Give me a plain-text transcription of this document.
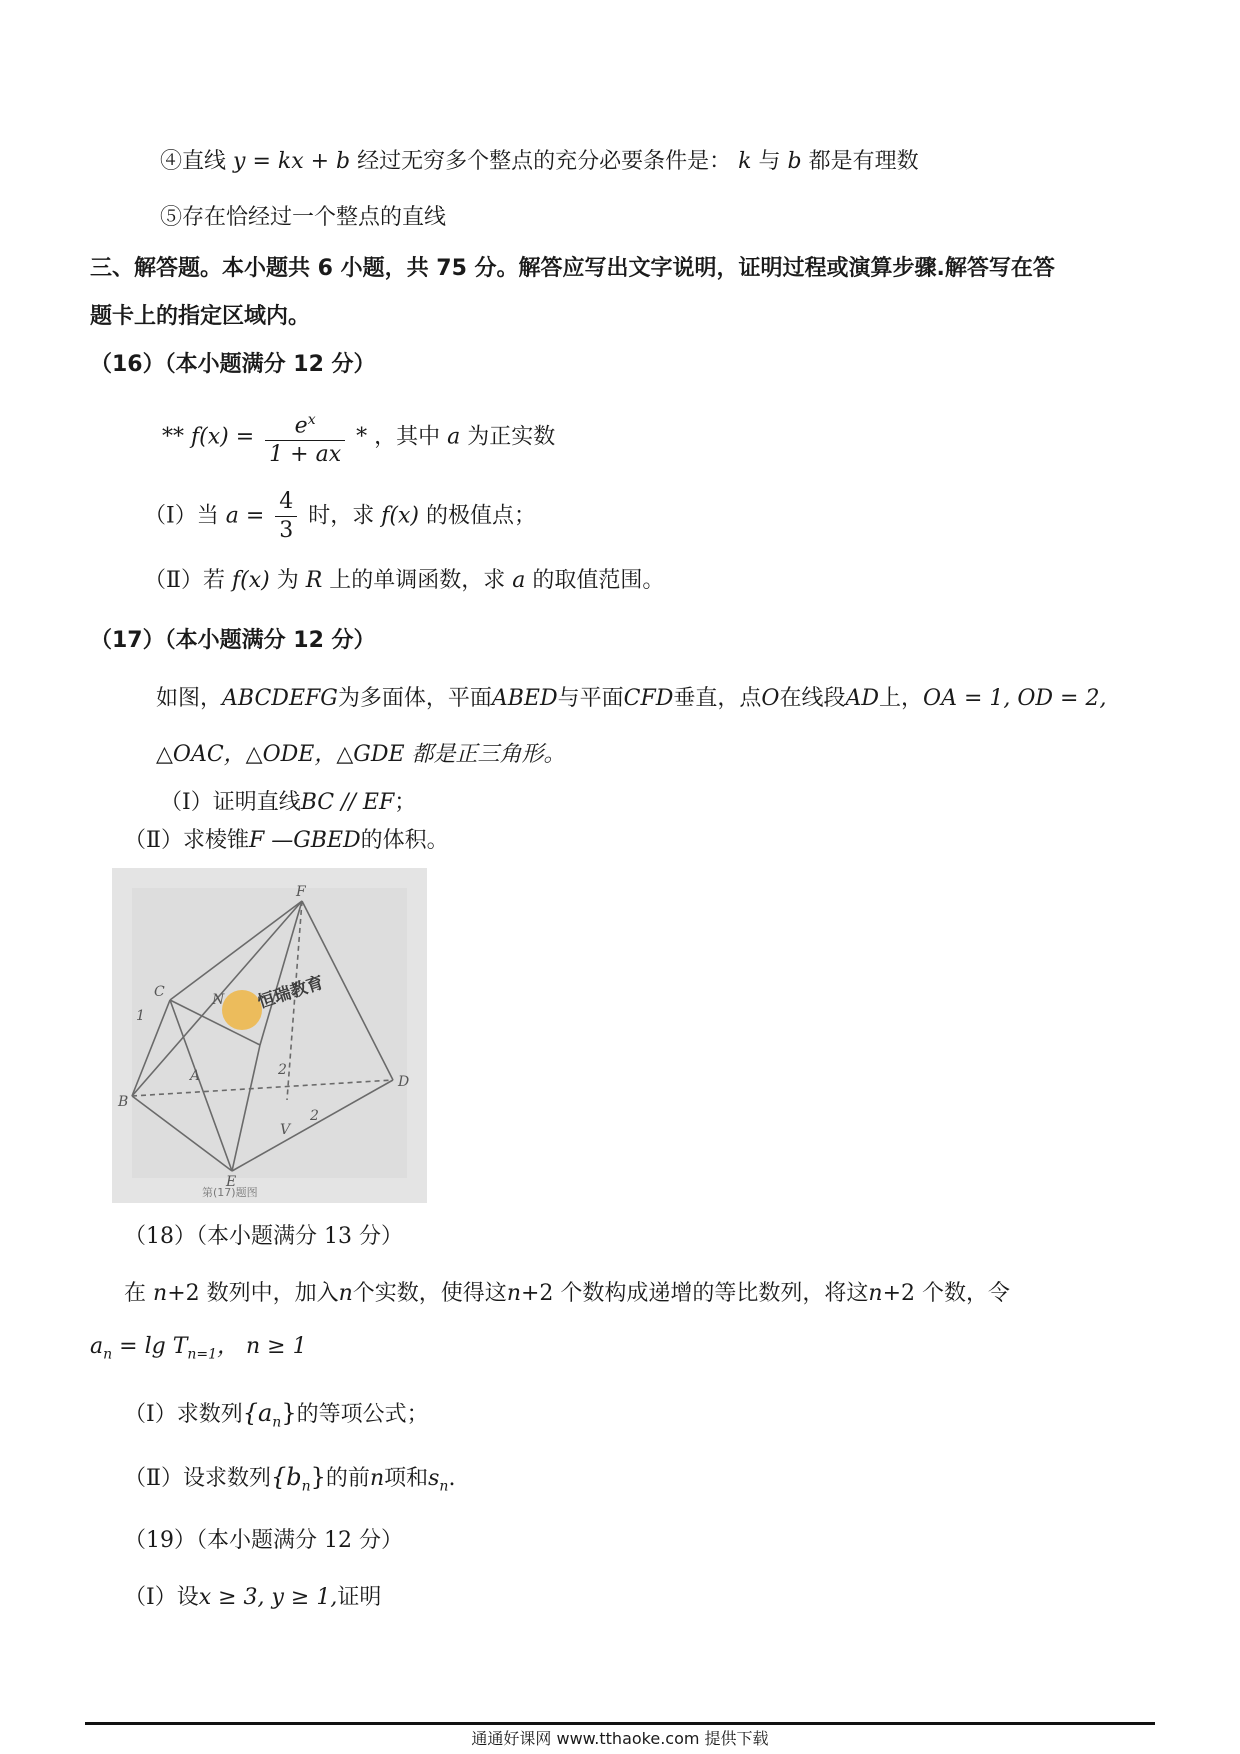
④直线 y = kx + b 经过无穷多个整点的充分必要条件是： k 与 b 都是有理数
⑤存在恰经过一个整点的直线
三、解答题。本小题共 6 小题，共 75 分。解答应写出文字说明，证明过程或演算步骤.解答写在答
题卡上的指定区域内。
（16）（本小题满分 12 分）
** $f(x) = \frac{e^x}{1 + ax}$ * ，其中 a 为正实数
（Ⅰ）当 $a = \frac{4}{3}$ 时，求 f(x) 的极值点；
（Ⅱ）若 f(x) 为 R 上的单调函数，求 a 的取值范围。
（17）（本小题满分 12 分）
如图，ABCDEFG为多面体，平面ABED与平面CFD垂直，点O在线段AD上，OA = 1, OD = 2,
△OAC，△ODE，△GDE 都是正三角形。
（Ⅰ）证明直线BC // EF；
（Ⅱ）求棱锥F —GBED的体积。
F
C
1
N
2
D
B
E
2
V
A
恒瑞教育
第(17)题图
（18）（本小题满分 13 分）
在 n+2 数列中，加入n个实数，使得这n+2 个数构成递增的等比数列，将这n+2 个数，令
$a_n = \lg T_{n=1}$， n ≥ 1
（Ⅰ）求数列$\{a_n\}$的等项公式；
（Ⅱ）设求数列$\{b_n\}$的前n项和$s_n$.
（19）（本小题满分 12 分）
（Ⅰ）设x ≥ 3, y ≥ 1,证明
通通好课网 www.tthaoke.com 提供下载
